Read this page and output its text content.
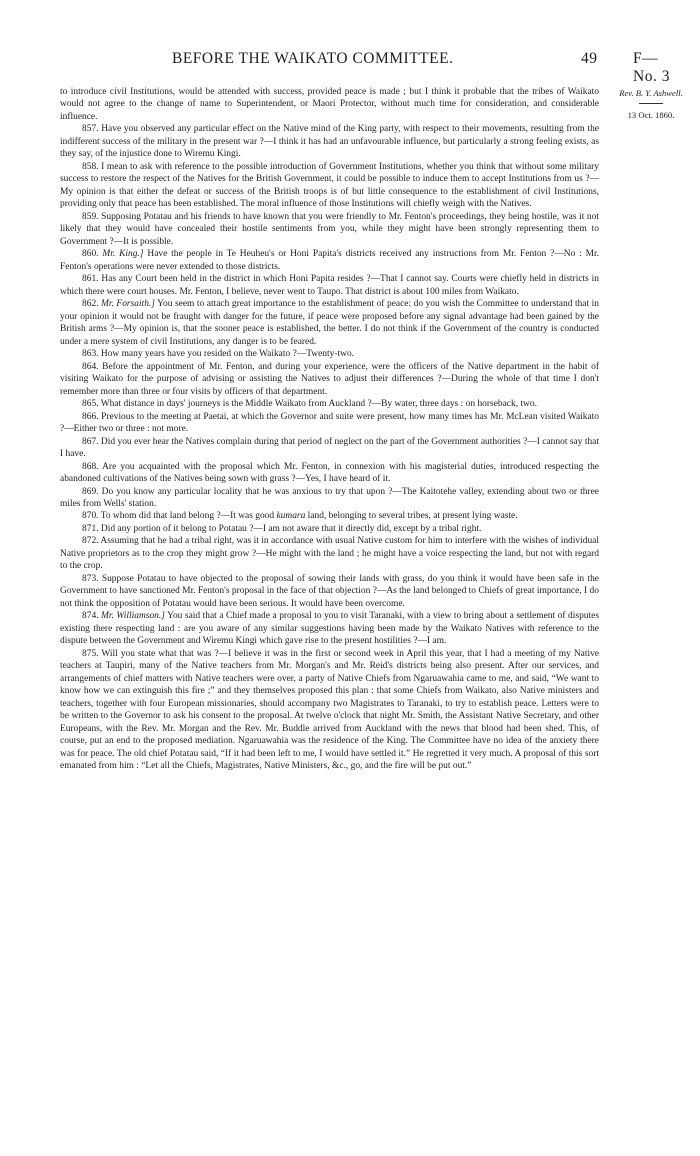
BEFORE THE WAIKATO COMMITTEE.	49 F—No. 3
Rev. B. Y. Ashwell.
13 Oct. 1860.

to introduce civil Institutions, would be attended with success, provided peace is made ; but I think it probable that the tribes of Waikato would not agree to the change of name to Superintendent, or Maori Protector, without much time for consideration, and considerable influence.

857. Have you observed any particular effect on the Native mind of the King party, with respect to their movements, resulting from the indifferent success of the military in the present war ?—I think it has had an unfavourable influence, but particularly a strong feeling exists, as they say, of the injustice done to Wiremu Kingi.

858. I mean to ask with reference to the possible introduction of Government Institutions, whether you think that without some military success to restore the respect of the Natives for the British Government, it could be possible to induce them to accept Institutions from us ?—My opinion is that either the defeat or success of the British troops is of but little consequence to the establishment of civil Institutions, providing only that peace has been established. The moral influence of those Institutions will chiefly weigh with the Natives.

859. Supposing Potatau and his friends to have known that you were friendly to Mr. Fenton's proceedings, they being hostile, was it not likely that they would have concealed their hostile sentiments from you, while they might have been strongly representing them to Government ?—It is possible.

860. Mr. King.] Have the people in Te Heuheu's or Honi Papita's districts received any instructions from Mr. Fenton ?—No : Mr. Fenton's operations were never extended to those districts.

861. Has any Court been held in the district in which Honi Papita resides ?—That I cannot say. Courts were chiefly held in districts in which there were court houses. Mr. Fenton, I believe, never went to Taupo. That district is about 100 miles from Waikato.

862. Mr. Forsaith.] You seem to attach great importance to the establishment of peace: do you wish the Committee to understand that in your opinion it would not be fraught with danger for the future, if peace were proposed before any signal advantage had been gained by the British arms ?—My opinion is, that the sooner peace is established, the better. I do not think if the Government of the country is conducted under a mere system of civil Institutions, any danger is to be feared.

863. How many years have you resided on the Waikato ?—Twenty-two.

864. Before the appointment of Mr. Fenton, and during your experience, were the officers of the Native department in the habit of visiting Waikato for the purpose of advising or assisting the Natives to adjust their differences ?—During the whole of that time I don't remember more than three or four visits by officers of that department.

865. What distance in days' journeys is the Middle Waikato from Auckland ?—By water, three days : on horseback, two.

866. Previous to the meeting at Paetai, at which the Governor and suite were present, how many times has Mr. McLean visited Waikato ?—Either two or three : not more.

867. Did you ever hear the Natives complain during that period of neglect on the part of the Government authorities ?—I cannot say that I have.

868. Are you acquainted with the proposal which Mr. Fenton, in connexion with his magisterial duties, introduced respecting the abandoned cultivations of the Natives being sown with grass ?—Yes, I have heard of it.

869. Do you know any particular locality that he was anxious to try that upon ?—The Kaitotehe valley, extending about two or three miles from Wells' station.

870. To whom did that land belong ?—It was good kumara land, belonging to several tribes, at present lying waste.

871. Did any portion of it belong to Potatau ?—I am not aware that it directly did, except by a tribal right.

872. Assuming that he had a tribal right, was it in accordance with usual Native custom for him to interfere with the wishes of individual Native proprietors as to the crop they might grow ?—He might with the land ; he might have a voice respecting the land, but not with regard to the crop.

873. Suppose Potatau to have objected to the proposal of sowing their lands with grass, do you think it would have been safe in the Government to have sanctioned Mr. Fenton's proposal in the face of that objection ?—As the land belonged to Chiefs of great importance, I do not think the opposition of Potatau would have been serious. It would have been overcome.

874. Mr. Williamson.] You said that a Chief made a proposal to you to visit Taranaki, with a view to bring about a settlement of disputes existing there respecting land : are you aware of any similar suggestions having been made by the Waikato Natives with reference to the dispute between the Government and Wiremu Kingi which gave rise to the present hostilities ?—I am.

875. Will you state what that was ?—I believe it was in the first or second week in April this year, that I had a meeting of my Native teachers at Taupiri, many of the Native teachers from Mr. Morgan's and Mr. Reid's districts being also present. After our services, and arrangements of chief matters with Native teachers were over, a party of Native Chiefs from Ngaruawahia came to me, and said, “We want to know how we can extinguish this fire ;” and they themselves proposed this plan : that some Chiefs from Waikato, also Native ministers and teachers, together with four European missionaries, should accompany two Magistrates to Taranaki, to try to establish peace. Letters were to be written to the Governor to ask his consent to the proposal. At twelve o'clock that night Mr. Smith, the Assistant Native Secretary, and other Europeans, with the Rev. Mr. Morgan and the Rev. Mr. Buddle arrived from Auckland with the news that blood had been shed. This, of course, put an end to the proposed mediation. Ngaruawahia was the residence of the King. The Committee have no idea of the anxiety there was for peace. The old chief Potatau said, “If it had been left to me, I would have settled it.” He regretted it very much. A proposal of this sort emanated from him : “Let all the Chiefs, Magistrates, Native Ministers, &c., go, and the fire will be put out.”
